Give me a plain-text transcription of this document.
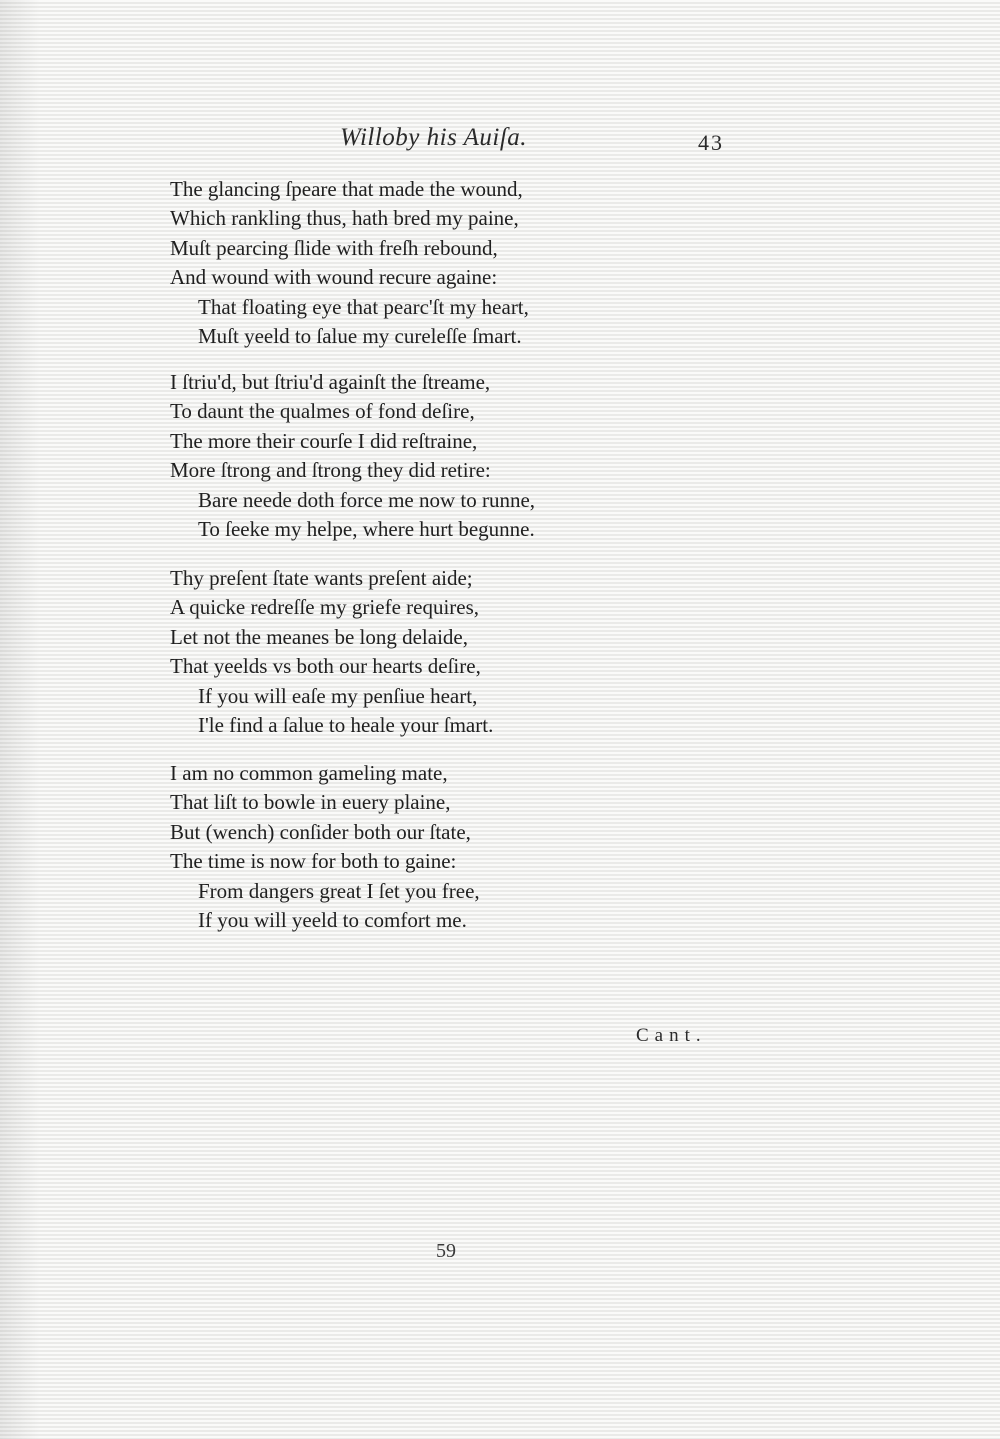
Willoby his Auiſa.	43
The glancing ſpeare that made the wound,
Which rankling thus, hath bred my paine,
Muſt pearcing ſlide with freſh rebound,
And wound with wound recure againe:
That floating eye that pearc'ſt my heart,
Muſt yeeld to ſalue my cureleſſe ſmart.
I ſtriu'd, but ſtriu'd againſt the ſtreame,
To daunt the qualmes of fond deſire,
The more their courſe I did reſtraine,
More ſtrong and ſtrong they did retire:
Bare neede doth force me now to runne,
To ſeeke my helpe, where hurt begunne.
Thy preſent ſtate wants preſent aide;
A quicke redreſſe my griefe requires,
Let not the meanes be long delaide,
That yeelds vs both our hearts deſire,
If you will eaſe my penſiue heart,
I'le find a ſalue to heale your ſmart.
I am no common gameling mate,
That liſt to bowle in euery plaine,
But (wench) conſider both our ſtate,
The time is now for both to gaine:
From dangers great I ſet you free,
If you will yeeld to comfort me.
Cant.
59
